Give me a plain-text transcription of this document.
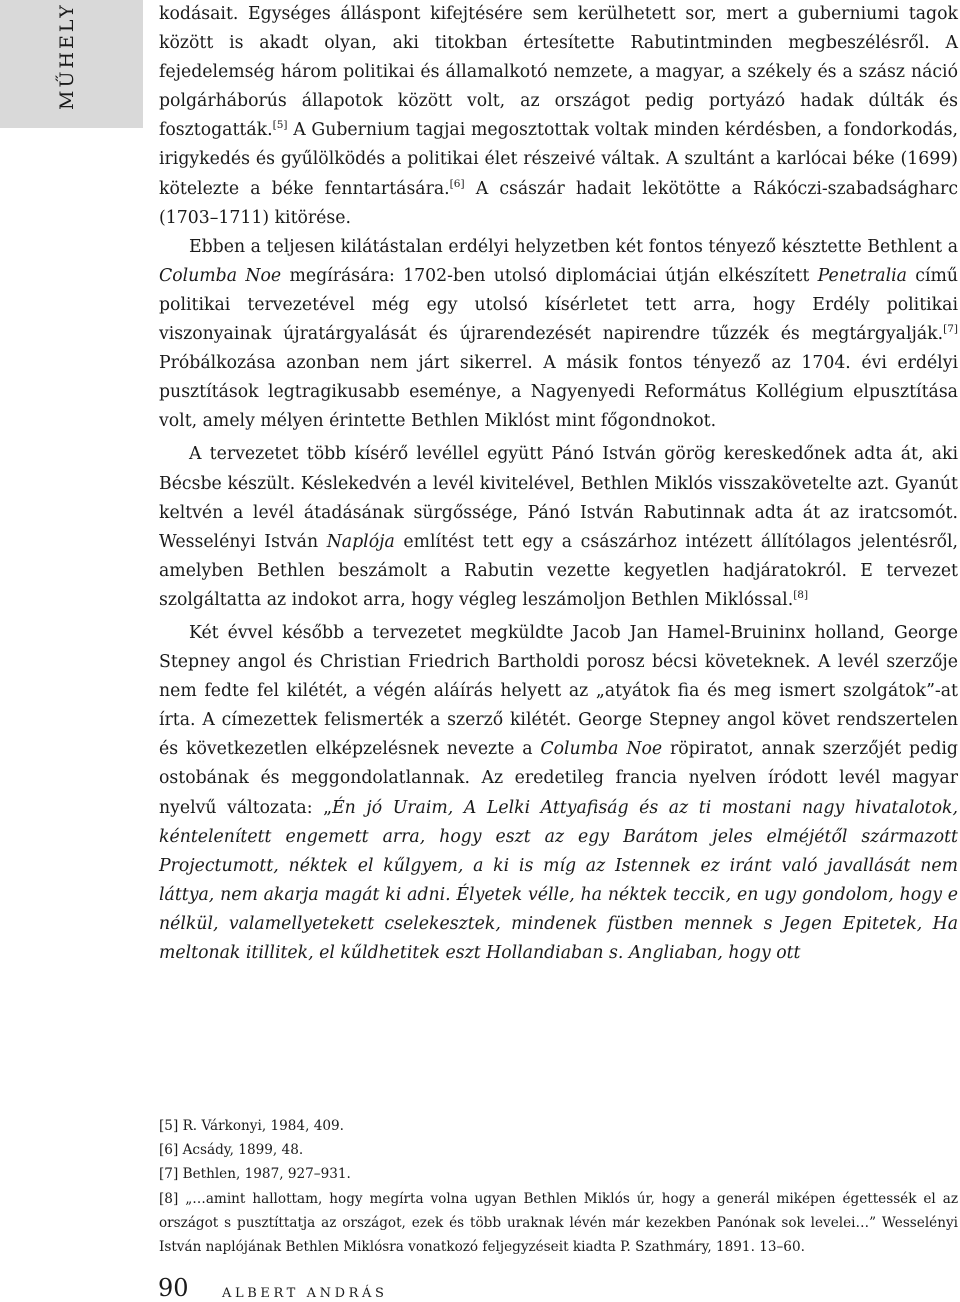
MŰHELY	kodásait. Egységes álláspont kifejtésére sem kerülhetett sor, mert a guberniumi tagok között is akadt olyan, aki titokban értesítette Rabutintminden megbeszélésről. A fejedelemség három politikai és államalkotó nemzete, a magyar, a székely és a szász náció polgárháborús állapotok között volt, az országot pedig portyázó hadak dúlták és fosztogatták.[5] A Gubernium tagjai megosztottak voltak minden kérdésben, a fondorkodás, irigykedés és gyűlölködés a politikai élet részeivé váltak. A szultánt a karlócai béke (1699) kötelezte a béke fenntartására.[6] A császár hadait lekötötte a Rákóczi-szabadságharc (1703–1711) kitörése.

Ebben a teljesen kilátástalan erdélyi helyzetben két fontos tényező késztette Bethlent a Columba Noe megírására: 1702-ben utolsó diplomáciai útján elkészített Penetralia című politikai tervezetével még egy utolsó kísérletet tett arra, hogy Erdély politikai viszonyainak újratárgyalását és újrarendezését napirendre tűzzék és megtárgyalják.[7] Próbálkozása azonban nem járt sikerrel. A másik fontos tényező az 1704. évi erdélyi pusztítások legtragikusabb eseménye, a Nagyenyedi Református Kollégium elpusztítása volt, amely mélyen érintette Bethlen Miklóst mint főgondnokot.

A tervezetet több kísérő levéllel együtt Pánó István görög kereskedőnek adta át, aki Bécsbe készült. Késlekedvén a levél kivitelével, Bethlen Miklós visszakövetelte azt. Gyanút keltvén a levél átadásának sürgőssége, Pánó István Rabutinnak adta át az iratcsomót. Wesselényi István Naplója említést tett egy a császárhoz intézett állítólagos jelentésről, amelyben Bethlen beszámolt a Rabutin vezette kegyetlen hadjáratokról. E tervezet szolgáltatta az indokot arra, hogy végleg leszámoljon Bethlen Miklóssal.[8]

Két évvel később a tervezetet megküldte Jacob Jan Hamel-Bruininx holland, George Stepney angol és Christian Friedrich Bartholdi porosz bécsi követeknek. A levél szerzője nem fedte fel kilétét, a végén aláírás helyett az „atyátok fia és meg ismert szolgátok”-at írta. A címezettek felismerték a szerző kilétét. George Stepney angol követ rendszertelen és következetlen elképzelésnek nevezte a Columba Noe röpiratot, annak szerzőjét pedig ostobának és meggondolatlannak. Az eredetileg francia nyelven íródott levél magyar nyelvű változata: „Én jó Uraim, A Lelki Attyafiság és az ti mostani nagy hivatalotok, kéntelenített engemett arra, hogy eszt az egy Barátom jeles elméjétől származott Projectumott, néktek el kűlgyem, a ki is míg az Istennek ez iránt való javallását nem láttya, nem akarja magát ki adni. Élyetek vélle, ha néktek teccik, en ugy gondolom, hogy e nélkül, valamellyetekett cselekesztek, mindenek füstben mennek s Jegen Epitetek, Ha meltonak itillitek, el kűldhetitek eszt Hollandiaban s. Angliaban, hogy ott

[5] R. Várkonyi, 1984, 409.

[6] Acsády, 1899, 48.

[7] Bethlen, 1987, 927–931.

[8] „…amint hallottam, hogy megírta volna ugyan Bethlen Miklós úr, hogy a generál miképen égettessék el az országot s pusztíttatja az országot, ezek és több uraknak lévén már kezekben Panónak sok levelei…” Wesselényi István naplójának Bethlen Miklósra vonatkozó feljegyzéseit kiadta P. Szathmáry, 1891. 13–60.

90	ALBERT ANDRÁS
